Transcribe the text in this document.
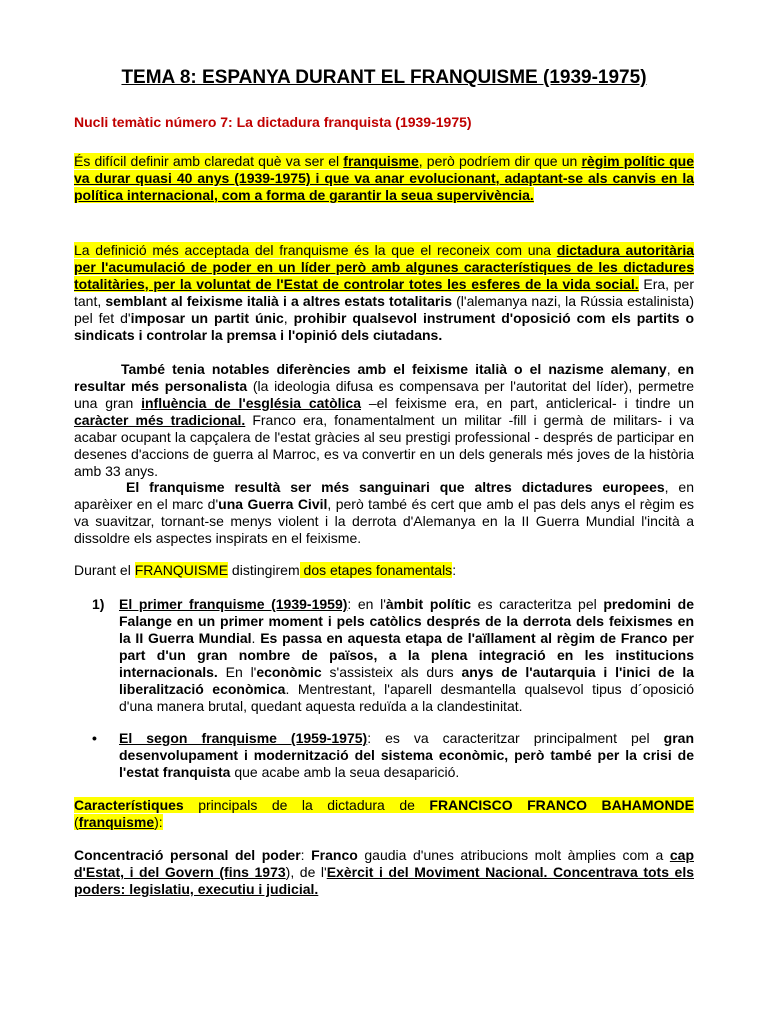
TEMA 8: ESPANYA DURANT EL FRANQUISME (1939-1975)
Nucli temàtic número 7: La dictadura franquista (1939-1975)
És difícil definir amb claredat què va ser el franquisme, però podríem dir que un règim polític que va durar quasi 40 anys (1939-1975) i que va anar evolucionant, adaptant-se als canvis en la política internacional, com a forma de garantir la seua supervivència.
La definició més acceptada del franquisme és la que el reconeix com una dictadura autoritària per l'acumulació de poder en un líder però amb algunes característiques de les dictadures totalitàries, per la voluntat de l'Estat de controlar totes les esferes de la vida social. Era, per tant, semblant al feixisme italià i a altres estats totalitaris (l'alemanya nazi, la Rússia estalinista) pel fet d'imposar un partit únic, prohibir qualsevol instrument d'oposició com els partits o sindicats i controlar la premsa i l'opinió dels ciutadans.
També tenia notables diferències amb el feixisme italià o el nazisme alemany, en resultar més personalista (la ideologia difusa es compensava per l'autoritat del líder), permetre una gran influència de l'església catòlica –el feixisme era, en part, anticlerical- i tindre un caràcter més tradicional. Franco era, fonamentalment un militar -fill i germà de militars- i va acabar ocupant la capçalera de l'estat gràcies al seu prestigi professional - després de participar en desenes d'accions de guerra al Marroc, es va convertir en un dels generals més joves de la història amb 33 anys.
El franquisme resultà ser més sanguinari que altres dictadures europees, en aparèixer en el marc d'una Guerra Civil, però també és cert que amb el pas dels anys el règim es va suavitzar, tornant-se menys violent i la derrota d'Alemanya en la II Guerra Mundial l'incità a dissoldre els aspectes inspirats en el feixisme.
Durant el FRANQUISME distingirem dos etapes fonamentals:
1) El primer franquisme (1939-1959): en l'àmbit polític es caracteritza pel predomini de Falange en un primer moment i pels catòlics després de la derrota dels feixismes en la II Guerra Mundial. Es passa en aquesta etapa de l'aïllament al règim de Franco per part d'un gran nombre de països, a la plena integració en les institucions internacionals. En l'econòmic s'assisteix als durs anys de l'autarquia i l'inici de la liberalització econòmica. Mentrestant, l'aparell desmantella qualsevol tipus d´oposició d'una manera brutal, quedant aquesta reduïda a la clandestinitat.
• El segon franquisme (1959-1975): es va caracteritzar principalment pel gran desenvolupament i modernització del sistema econòmic, però també per la crisi de l'estat franquista que acabe amb la seua desaparició.
Característiques principals de la dictadura de FRANCISCO FRANCO BAHAMONDE (franquisme):
Concentració personal del poder: Franco gaudia d'unes atribucions molt àmplies com a cap d'Estat, i del Govern (fins 1973), de l'Exèrcit i del Moviment Nacional. Concentrava tots els poders: legislatiu, executiu i judicial.
